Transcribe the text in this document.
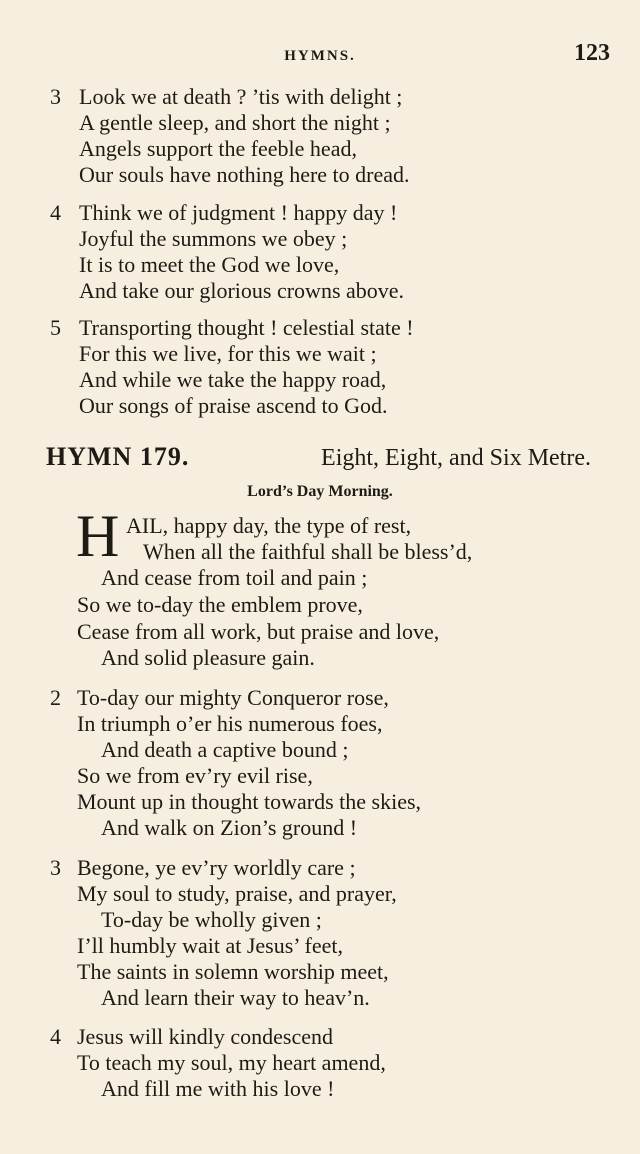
HYMNS.	123
3 Look we at death ? ’tis with delight ;
A gentle sleep, and short the night ;
Angels support the feeble head,
Our souls have nothing here to dread.
4 Think we of judgment ! happy day !
Joyful the summons we obey ;
It is to meet the God we love,
And take our glorious crowns above.
5 Transporting thought ! celestial state !
For this we live, for this we wait ;
And while we take the happy road,
Our songs of praise ascend to God.
HYMN 179.	Eight, Eight, and Six Metre.
Lord’s Day Morning.
H AIL, happy day, the type of rest,
When all the faithful shall be bless’d,
And cease from toil and pain ;
So we to-day the emblem prove,
Cease from all work, but praise and love,
And solid pleasure gain.
2 To-day our mighty Conqueror rose,
In triumph o’er his numerous foes,
And death a captive bound ;
So we from ev’ry evil rise,
Mount up in thought towards the skies,
And walk on Zion’s ground !
3 Begone, ye ev’ry worldly care ;
My soul to study, praise, and prayer,
To-day be wholly given ;
I’ll humbly wait at Jesus’ feet,
The saints in solemn worship meet,
And learn their way to heav’n.
4 Jesus will kindly condescend
To teach my soul, my heart amend,
And fill me with his love !
